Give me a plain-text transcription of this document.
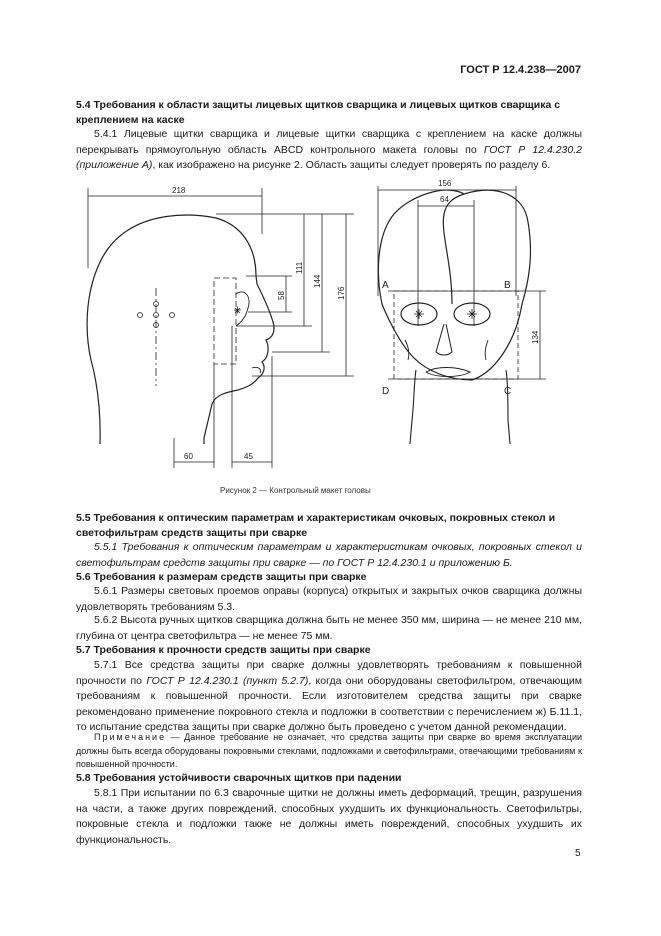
ГОСТ Р 12.4.238—2007
5.4 Требования к области защиты лицевых щитков сварщика и лицевых щитков сварщика с креплением на каске
5.4.1 Лицевые щитки сварщика и лицевые щитки сварщика с креплением на каске должны перекрывать прямоугольную область ABCD контрольного макета головы по ГОСТ Р 12.4.230.2 (приложение А), как изображено на рисунке 2. Область защиты следует проверять по разделу 6.
218
111
144
176
58
60	45
156
64
134
A	B
C
D
Рисунок 2 — Контрольный макет головы
5.5 Требования к оптическим параметрам и характеристикам очковых, покровных стекол и светофильтрам средств защиты при сварке
5.5.1 Требования к оптическим параметрам и характеристикам очковых, покровных стекол и светофильтрам средств защиты при сварке — по ГОСТ Р 12.4.230.1 и приложению Б.
5.6 Требования к размерам средств защиты при сварке
5.6.1 Размеры световых проемов оправы (корпуса) открытых и закрытых очков сварщика должны удовлетворять требованиям 5.3.
5.6.2 Высота ручных щитков сварщика должна быть не менее 350 мм, ширина — не менее 210 мм, глубина от центра светофильтра — не менее 75 мм.
5.7 Требования к прочности средств защиты при сварке
5.7.1 Все средства защиты при сварке должны удовлетворять требованиям к повышенной прочности по ГОСТ Р 12.4.230.1 (пункт 5.2.7), когда они оборудованы светофильтром, отвечающим требованиям к повышенной прочности. Если изготовителем средства защиты при сварке рекомендовано применение покровного стекла и подложки в соответствии с перечислением ж) Б.11.1, то испытание средства защиты при сварке должно быть проведено с учетом данной рекомендации.
Примечание — Данное требование не означает, что средства защиты при сварке во время эксплуатации должны быть всегда оборудованы покровными стеклами, подложками и светофильтрами, отвечающими требованиям к повышенной прочности.
5.8 Требования устойчивости сварочных щитков при падении
5.8.1 При испытании по 6.3 сварочные щитки не должны иметь деформаций, трещин, разрушения на части, а также других повреждений, способных ухудшить их функциональность. Светофильтры, покровные стекла и подложки также не должны иметь повреждений, способных ухудшить их функциональность.
5
